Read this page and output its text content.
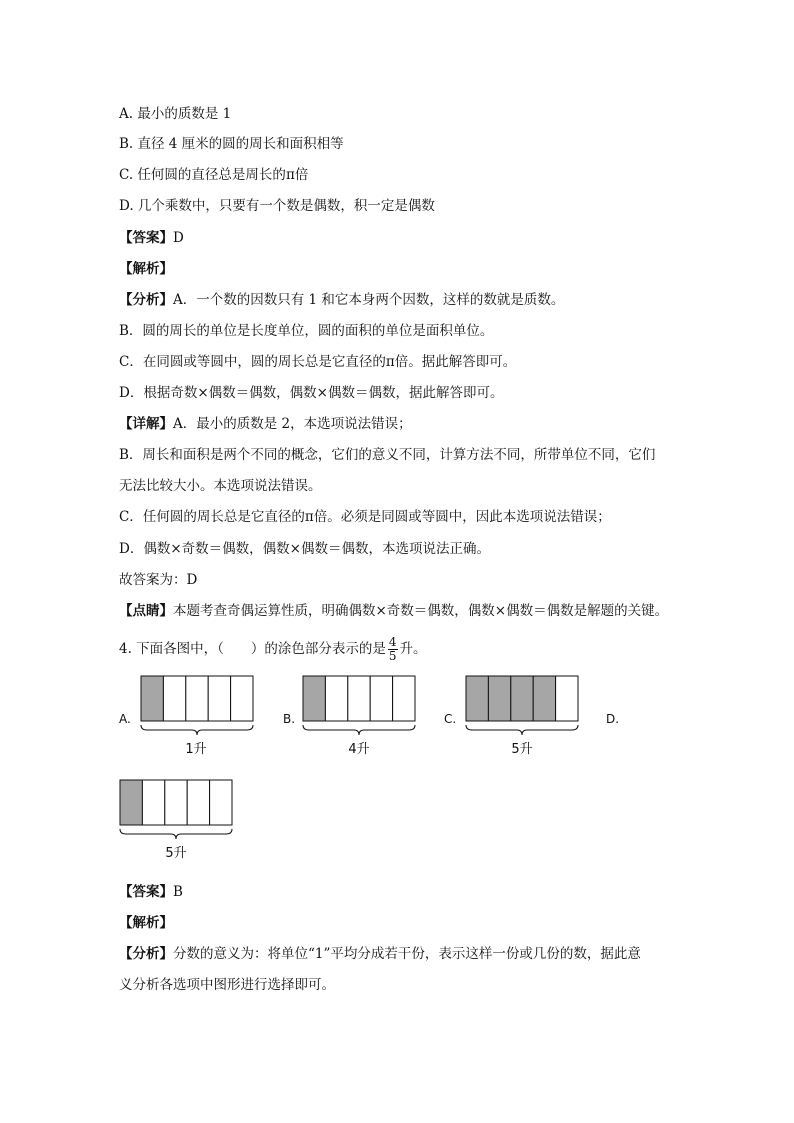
A. 最小的质数是 1
B. 直径 4 厘米的圆的周长和面积相等
C. 任何圆的直径总是周长的π倍
D. 几个乘数中，只要有一个数是偶数，积一定是偶数
【答案】D
【解析】
【分析】A．一个数的因数只有 1 和它本身两个因数，这样的数就是质数。
B．圆的周长的单位是长度单位，圆的面积的单位是面积单位。
C．在同圆或等圆中，圆的周长总是它直径的π倍。据此解答即可。
D．根据奇数×偶数＝偶数，偶数×偶数＝偶数，据此解答即可。
【详解】A．最小的质数是 2，本选项说法错误；
B．周长和面积是两个不同的概念，它们的意义不同，计算方法不同，所带单位不同，它们
无法比较大小。本选项说法错误。
C．任何圆的周长总是它直径的π倍。必须是同圆或等圆中，因此本选项说法错误；
D．偶数×奇数＝偶数，偶数×偶数＝偶数，本选项说法正确。
故答案为：D
【点睛】本题考查奇偶运算性质，明确偶数×奇数＝偶数，偶数×偶数＝偶数是解题的关键。
4. 下面各图中，（　　）的涂色部分表示的是 $\frac{4}{5}$ 升。
A.	B.	C.	D.
1升	4升	5升
5升
【答案】B
【解析】
【分析】分数的意义为：将单位“1”平均分成若干份，表示这样一份或几份的数，据此意
义分析各选项中图形进行选择即可。
